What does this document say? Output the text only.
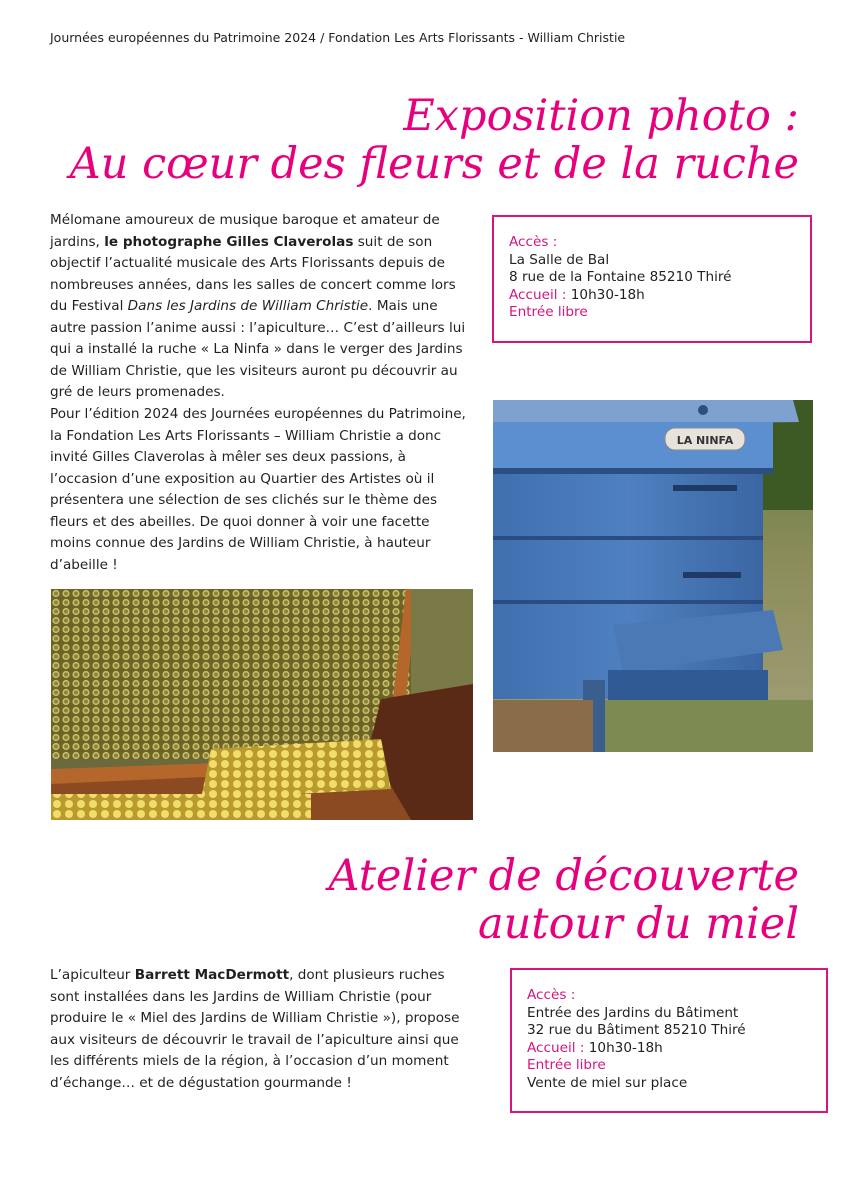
Journées européennes du Patrimoine 2024 / Fondation Les Arts Florissants - William Christie
Exposition photo :
Au cœur des fleurs et de la ruche
Mélomane amoureux de musique baroque et amateur de jardins, le photographe Gilles Claverolas suit de son objectif l’actualité musicale des Arts Florissants depuis de nombreuses années, dans les salles de concert comme lors du Festival Dans les Jardins de William Christie. Mais une autre passion l’anime aussi : l’apiculture… C’est d’ailleurs lui qui a installé la ruche « La Ninfa » dans le verger des Jardins de William Christie, que les visiteurs auront pu découvrir au gré de leurs promenades.
Pour l’édition 2024 des Journées européennes du Patrimoine, la Fondation Les Arts Florissants – William Christie a donc invité Gilles Claverolas à mêler ses deux passions, à l’occasion d’une exposition au Quartier des Artistes où il présentera une sélection de ses clichés sur le thème des fleurs et des abeilles. De quoi donner à voir une facette moins connue des Jardins de William Christie, à hauteur d’abeille !
Accès :
La Salle de Bal
8 rue de la Fontaine 85210 Thiré
Accueil : 10h30-18h
Entrée libre
LA NINFA
Atelier de découverte
autour du miel
L’apiculteur Barrett MacDermott, dont plusieurs ruches sont installées dans les Jardins de William Christie (pour produire le « Miel des Jardins de William Christie »), propose aux visiteurs de découvrir le travail de l’apiculture ainsi que les différents miels de la région, à l’occasion d’un moment d’échange… et de dégustation gourmande !
Accès :
Entrée des Jardins du Bâtiment
32 rue du Bâtiment 85210 Thiré
Accueil : 10h30-18h
Entrée libre
Vente de miel sur place
